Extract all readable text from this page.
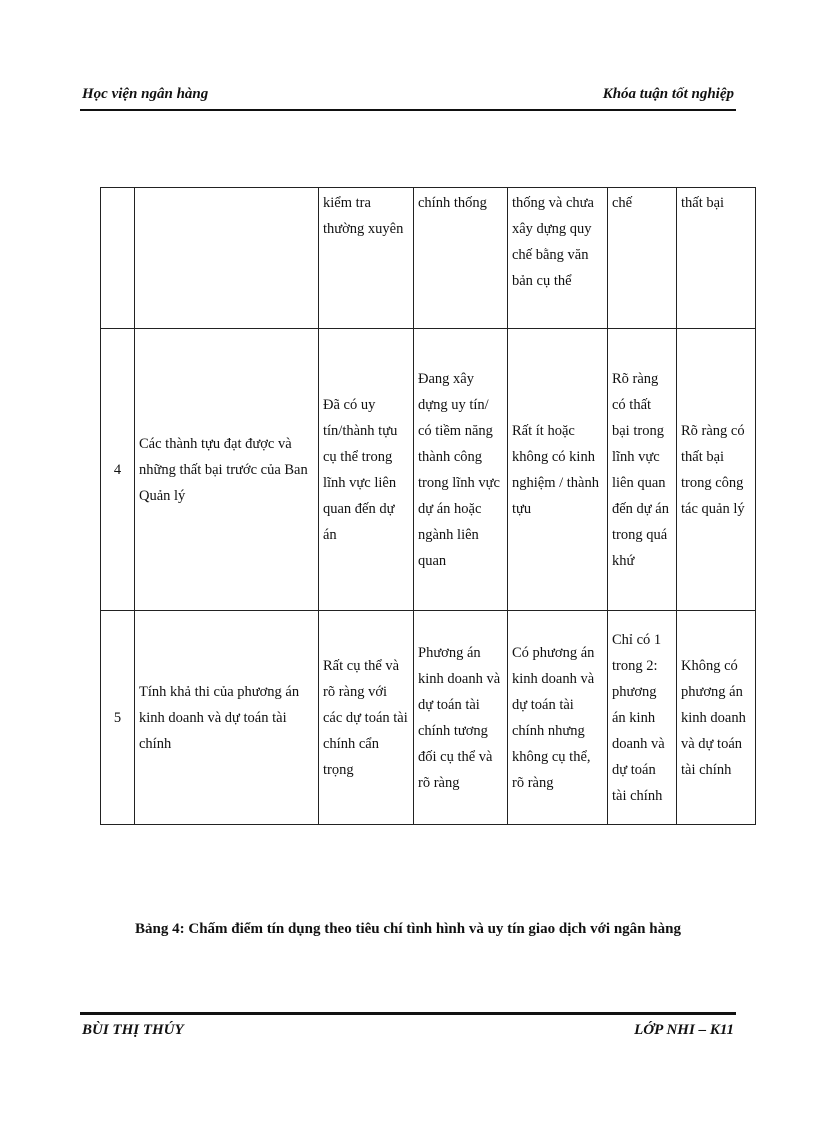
Học viện ngân hàng	Khóa tuận tốt nghiệp
		kiểm tra thường xuyên	chính thống	thống và chưa xây dựng quy chế bằng văn bản cụ thể	chế	thất bại
4	Các thành tựu đạt được và những thất bại trước của Ban Quản lý	Đã có uy tín/thành tựu cụ thể trong lĩnh vực liên quan đến dự án	Đang xây dựng uy tín/ có tiềm năng thành công trong lĩnh vực dự án hoặc ngành liên quan	Rất ít hoặc không có kinh nghiệm / thành tựu	Rõ ràng có thất bại trong lĩnh vực liên quan đến dự án trong quá khứ	Rõ ràng có thất bại trong công tác quản lý
5	Tính khả thi của phương án kinh doanh và dự toán tài chính	Rất cụ thể và rõ ràng với các dự toán tài chính cẩn trọng	Phương án kinh doanh và dự toán tài chính tương đối cụ thể và rõ ràng	Có phương án kinh doanh và dự toán tài chính nhưng không cụ thể, rõ ràng	Chỉ có 1 trong 2: phương án kinh doanh và dự toán tài chính	Không có phương án kinh doanh và dự toán tài chính
Bảng 4: Chấm điểm tín dụng theo tiêu chí tình hình và uy tín giao dịch với ngân hàng
BÙI THỊ THÚY	LỚP NHI – K11
